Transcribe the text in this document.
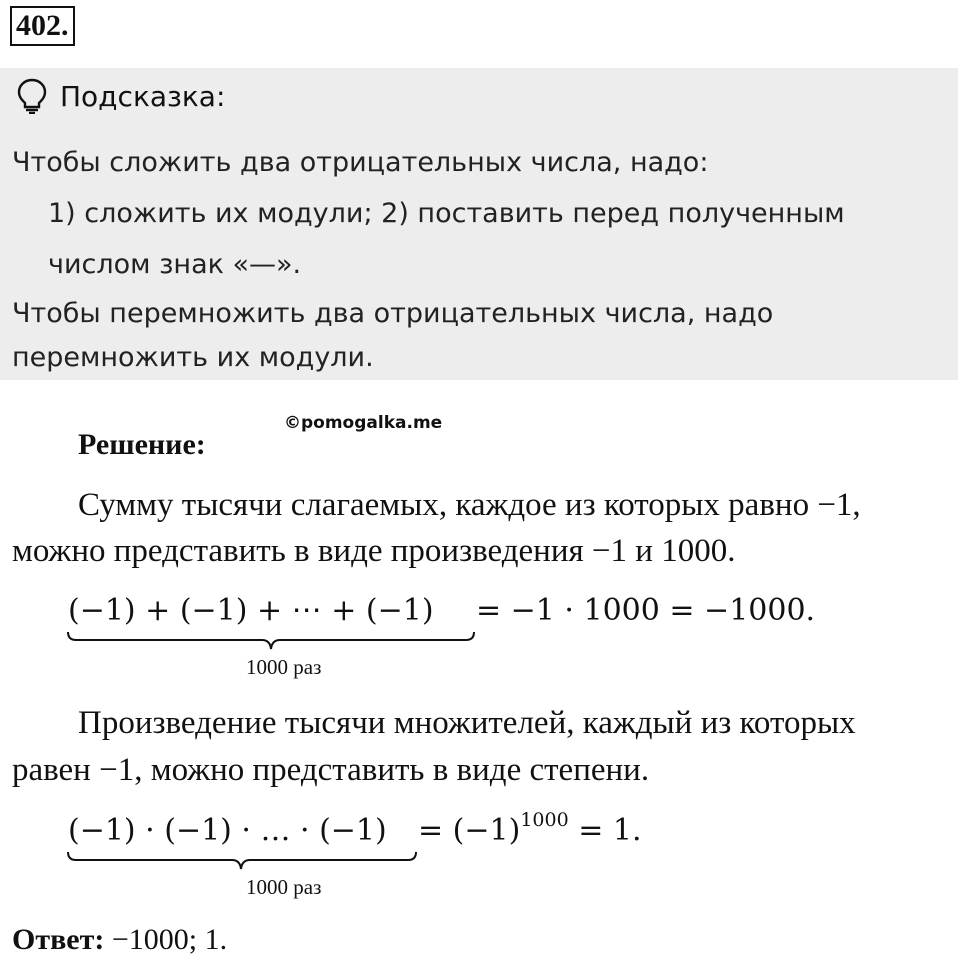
402.
Подсказка:
Чтобы сложить два отрицательных числа, надо:
1) сложить их модули; 2) поставить перед полученным
числом знак «—».
Чтобы перемножить два отрицательных числа, надо
перемножить их модули.
©pomogalka.me
Решение:
Сумму тысячи слагаемых, каждое из которых равно −1,
можно представить в виде произведения −1 и 1000.
(−1) + (−1) + ⋯ + (−1) = −1 · 1000 = −1000.
1000 раз
Произведение тысячи множителей, каждый из которых
равен −1, можно представить в виде степени.
(−1) · (−1) · … · $(-1) = (-1)^{1000} = 1$.
1000 раз
Ответ: −1000; 1.
